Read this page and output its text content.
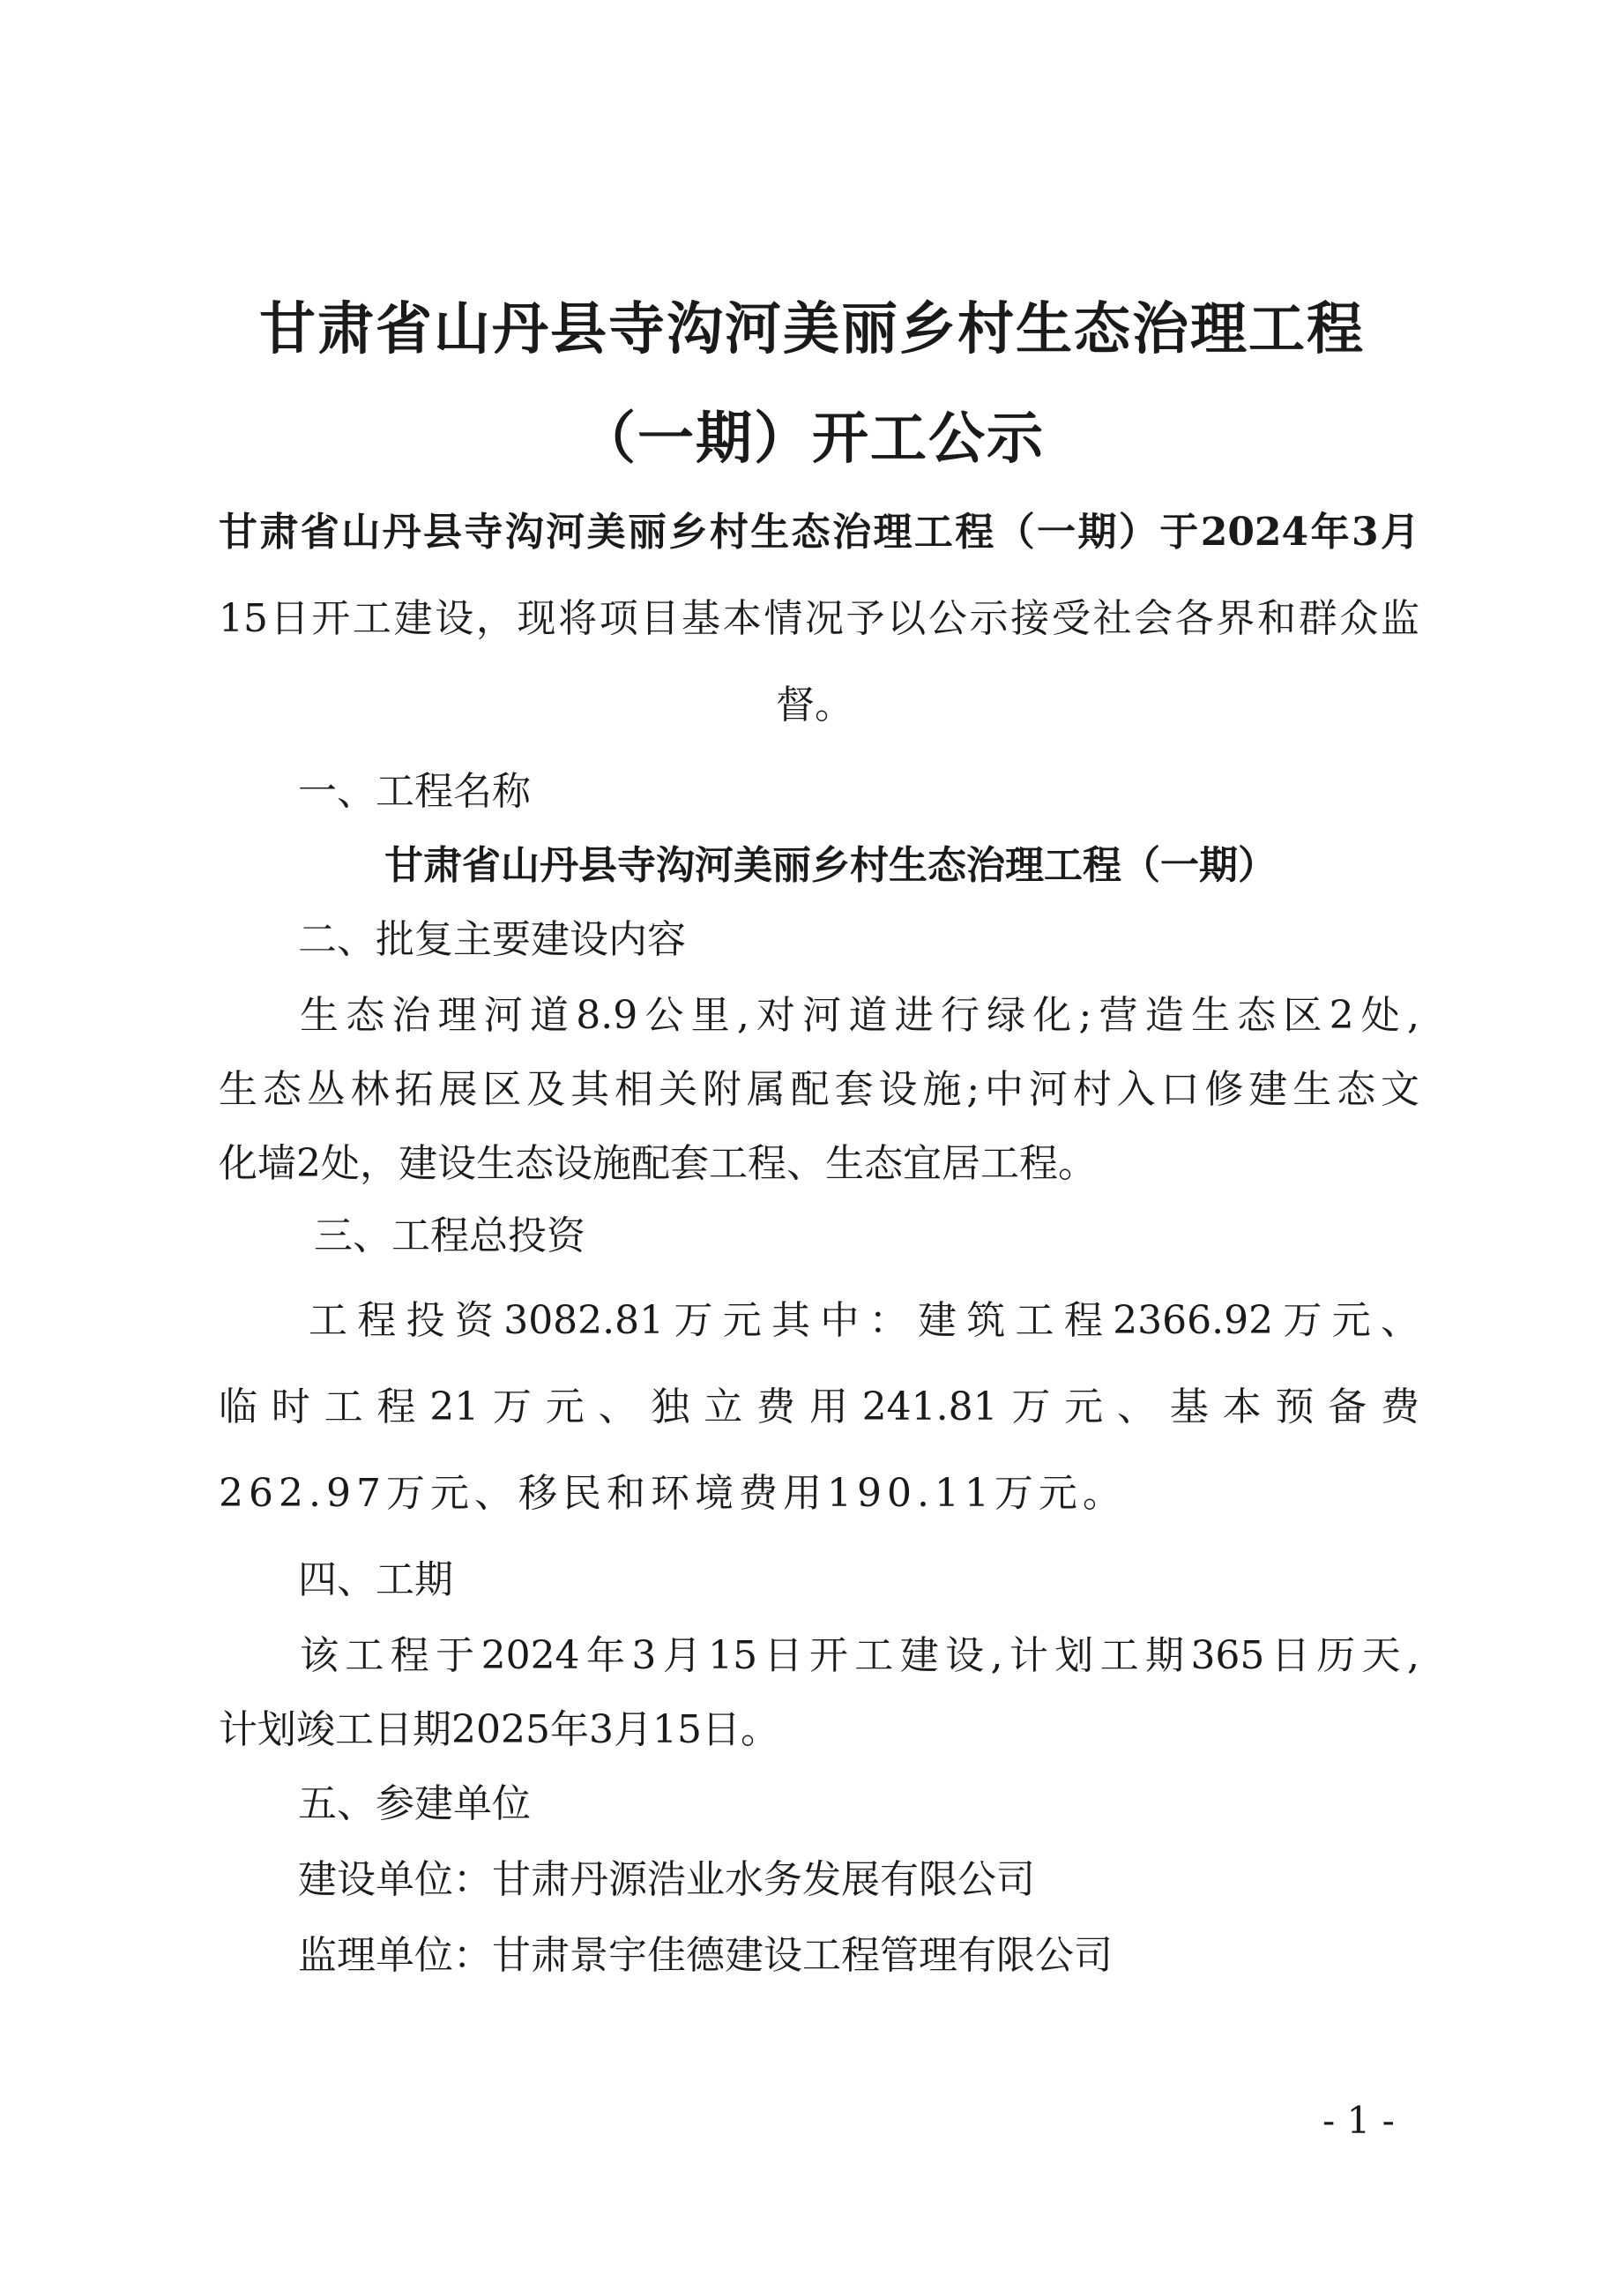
甘肃省山丹县寺沟河美丽乡村生态治理工程
（一期）开工公示
甘肃省山丹县寺沟河美丽乡村生态治理工程（一期）于2024年3月
15日开工建设，现将项目基本情况予以公示接受社会各界和群众监
督。
一、工程名称
甘肃省山丹县寺沟河美丽乡村生态治理工程（一期）
二、批复主要建设内容
生态治理河道8.9公里,对河道进行绿化;营造生态区2处,
生态丛林拓展区及其相关附属配套设施;中河村入口修建生态文
化墙2处，建设生态设施配套工程、生态宜居工程。
三、工程总投资
工程投资3082.81万元其中：建筑工程2366.92万元、
临时工程21万元、独立费用241.81万元、基本预备费
262.97万元、移民和环境费用190.11万元。
四、工期
该工程于2024年3月15日开工建设,计划工期365日历天,
计划竣工日期2025年3月15日。
五、参建单位
建设单位：甘肃丹源浩业水务发展有限公司
监理单位：甘肃景宇佳德建设工程管理有限公司
- 1 -
